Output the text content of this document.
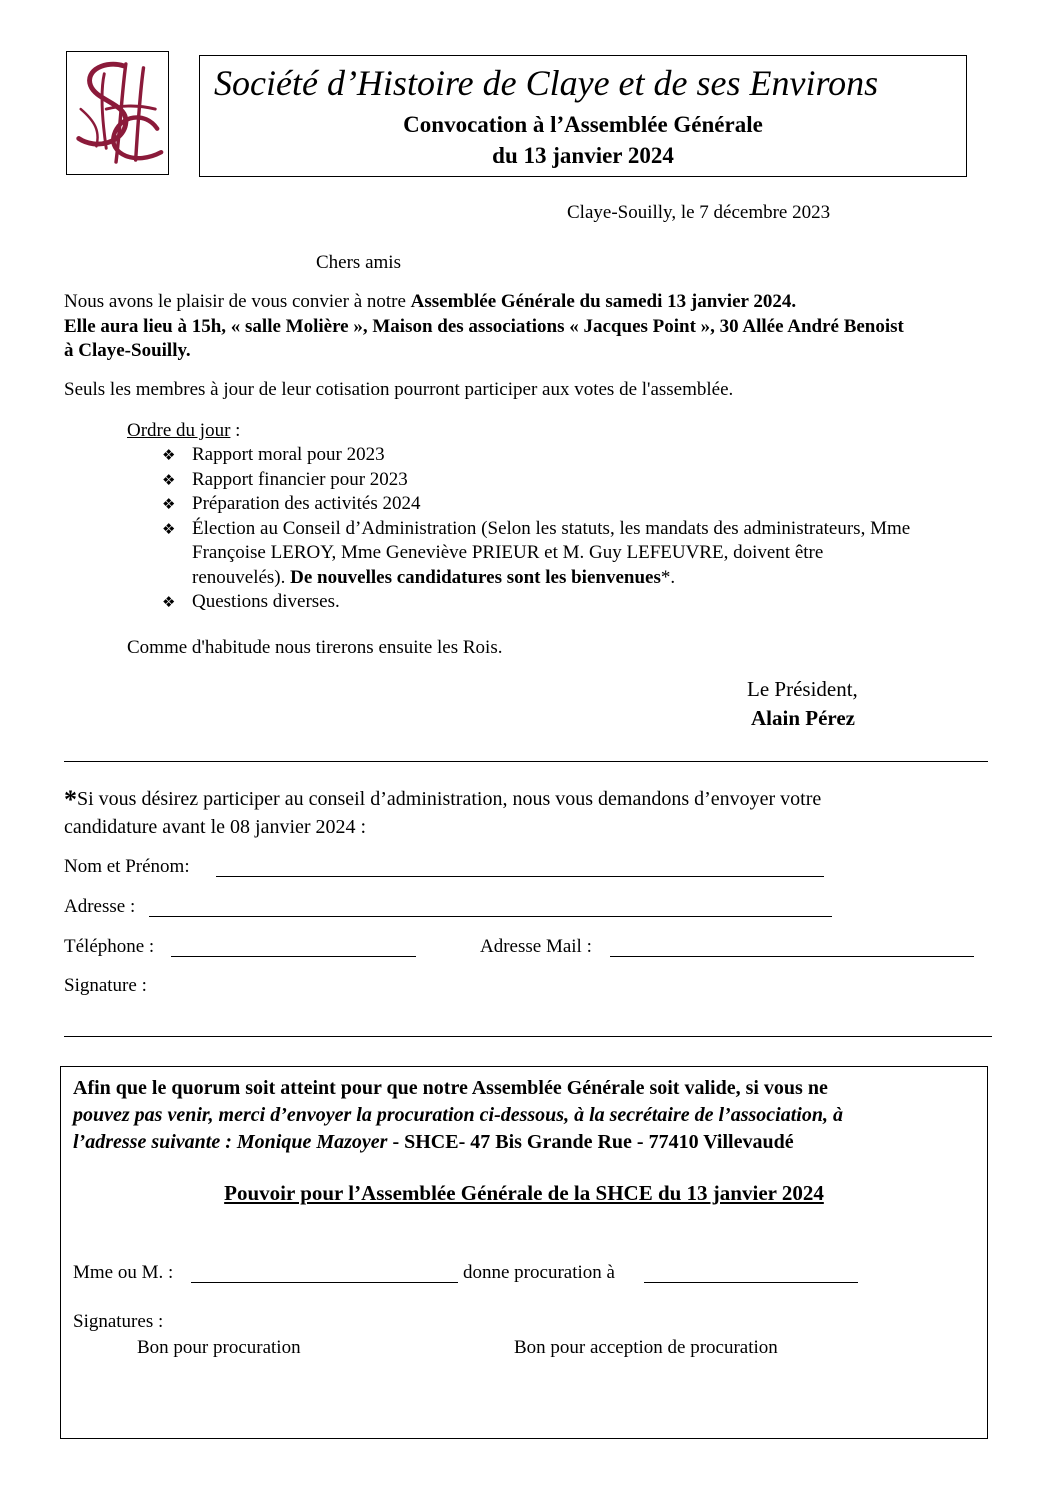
Société d’Histoire de Claye et de ses Environs

Convocation à l’Assemblée Générale

du 13 janvier 2024

Claye-Souilly, le 7 décembre 2023

Chers amis

Nous avons le plaisir de vous convier à notre Assemblée Générale du samedi 13 janvier 2024.

Elle aura lieu à 15h, « salle Molière », Maison des associations « Jacques Point », 30 Allée André Benoist

à Claye-Souilly.

Seuls les membres à jour de leur cotisation pourront participer aux votes de l'assemblée.

Ordre du jour :

❖ Rapport moral pour 2023
❖ Rapport financier pour 2023
❖ Préparation des activités 2024
❖ Élection au Conseil d’Administration (Selon les statuts, les mandats des administrateurs, Mme

Françoise LEROY, Mme Geneviève PRIEUR et M. Guy LEFEUVRE, doivent être

renouvelés). De nouvelles candidatures sont les bienvenues*.

❖ Questions diverses.

Comme d'habitude nous tirerons ensuite les Rois.

Le Président,

Alain Pérez

*Si vous désirez participer au conseil d’administration, nous vous demandons d’envoyer votre

candidature avant le 08 janvier 2024 :

Nom et Prénom:

Adresse :

Téléphone :	Adresse Mail :

Signature :

Afin que le quorum soit atteint pour que notre Assemblée Générale soit valide, si vous ne

pouvez pas venir, merci d’envoyer la procuration ci-dessous, à la secrétaire de l’association, à

l’adresse suivante : Monique Mazoyer - SHCE- 47 Bis Grande Rue - 77410 Villevaudé

Pouvoir pour l’Assemblée Générale de la SHCE du 13 janvier 2024

Mme ou M. :	donne procuration à

Signatures :

Bon pour procuration	Bon pour acception de procuration
